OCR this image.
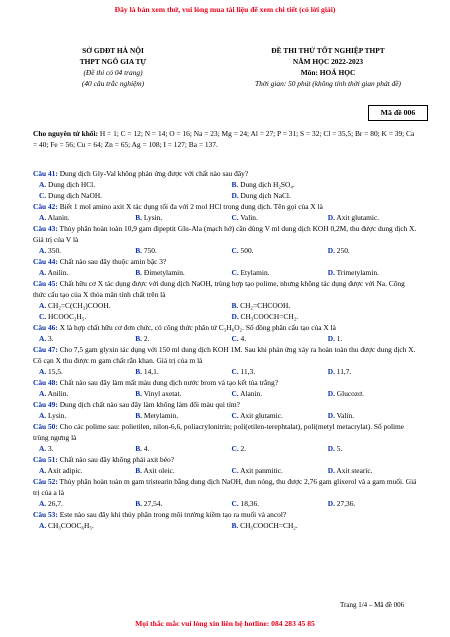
Đây là bản xem thử, vui lòng mua tài liệu để xem chi tiết (có lời giải)
SỞ GDĐT HÀ NỘI
THPT NGÔ GIA TỰ
(Đề thi có 04 trang)
(40 câu trắc nghiệm)
ĐỀ THI THỬ TỐT NGHIỆP THPT
NĂM HỌC 2022-2023
Môn: HOÁ HỌC
Thời gian: 50 phút (không tính thời gian phát đề)
Mã đề 006
Cho nguyên tử khối: H = 1; C = 12; N = 14; O = 16; Na = 23; Mg = 24; Al = 27; P = 31; S = 32; Cl = 35,5; Br = 80; K = 39; Ca = 40; Fe = 56; Cu = 64; Zn = 65; Ag = 108; I = 127; Ba = 137.
Câu 41: Dung dịch Gly-Val không phản ứng được với chất nào sau đây?
A. Dung dịch HCl.	B. Dung dịch H₂SO₄.
C. Dung dịch NaOH.	D. Dung dịch NaCl.
Câu 42: Biết 1 mol amino axit X tác dụng tối đa với 2 mol HCl trong dung dịch. Tên gọi của X là
A. Alanin.	B. Lysin.	C. Valin.	D. Axit glutamic.
Câu 43: Thủy phân hoàn toàn 10,9 gam đipeptit Glu-Ala (mạch hở) cần dùng V ml dung dịch KOH 0,2M, thu được dung dịch X. Giá trị của V là
A. 350.	B. 750.	C. 500.	D. 250.
Câu 44: Chất nào sau đây thuộc amin bậc 3?
A. Anilin.	B. Đimetylamin.	C. Etylamin.	D. Trimetylamin.
Câu 45: Chất hữu cơ X tác dụng được với dung dịch NaOH, trùng hợp tạo polime, nhưng không tác dụng được với Na. Công thức cấu tạo của X thỏa mãn tính chất trên là
A. CH₂=C(CH₃)COOH.	B. CH₂=CHCOOH.
C. HCOOC₂H₅.	D. CH₃COOCH=CH₂.
Câu 46: X là hợp chất hữu cơ đơn chức, có công thức phân tử C₃H₆O₂. Số đồng phân cấu tạo của X là
A. 3.	B. 2.	C. 4.	D. 1.
Câu 47: Cho 7,5 gam glyxin tác dụng với 150 ml dung dịch KOH 1M. Sau khi phản ứng xảy ra hoàn toàn thu được dung dịch X. Cô cạn X thu được m gam chất rắn khan. Giá trị của m là
A. 15,5.	B. 14,1.	C. 11,3.	D. 11,7.
Câu 48: Chất nào sau đây làm mất màu dung dịch nước brom và tạo kết tủa trắng?
A. Anilin.	B. Vinyl axetat.	C. Alanin.	D. Glucozơ.
Câu 49: Dung dịch chất nào sau đây làm không làm đổi màu quì tím?
A. Lysin.	B. Metylamin.	C. Axit glutamic.	D. Valin.
Câu 50: Cho các polime sau: polietilen, nilon-6,6, poliacrylonitrin; poli(etilen-terephtalat), poli(metyl metacrylat). Số polime trùng ngưng là
A. 3.	B. 4.	C. 2.	D. 5.
Câu 51: Chất nào sau đây không phải axit béo?
A. Axit adipic.	B. Axit oleic.	C. Axit panmitic.	D. Axit stearic.
Câu 52: Thủy phân hoàn toàn m gam tristearin bằng dung dịch NaOH, đun nóng, thu được 2,76 gam glixerol và a gam muối. Giá trị của a là
A. 26,7.	B. 27,54.	C. 18,36.	D. 27,36.
Câu 53: Este nào sau đây khi thủy phân trong môi trường kiềm tạo ra muối và ancol?
A. CH₃COOC₆H₅.	B. CH₃COOCH=CH₂.
Trang 1/4 – Mã đề 006
Mọi thắc mắc vui lòng xin liên hệ hotline: 084 283 45 85
